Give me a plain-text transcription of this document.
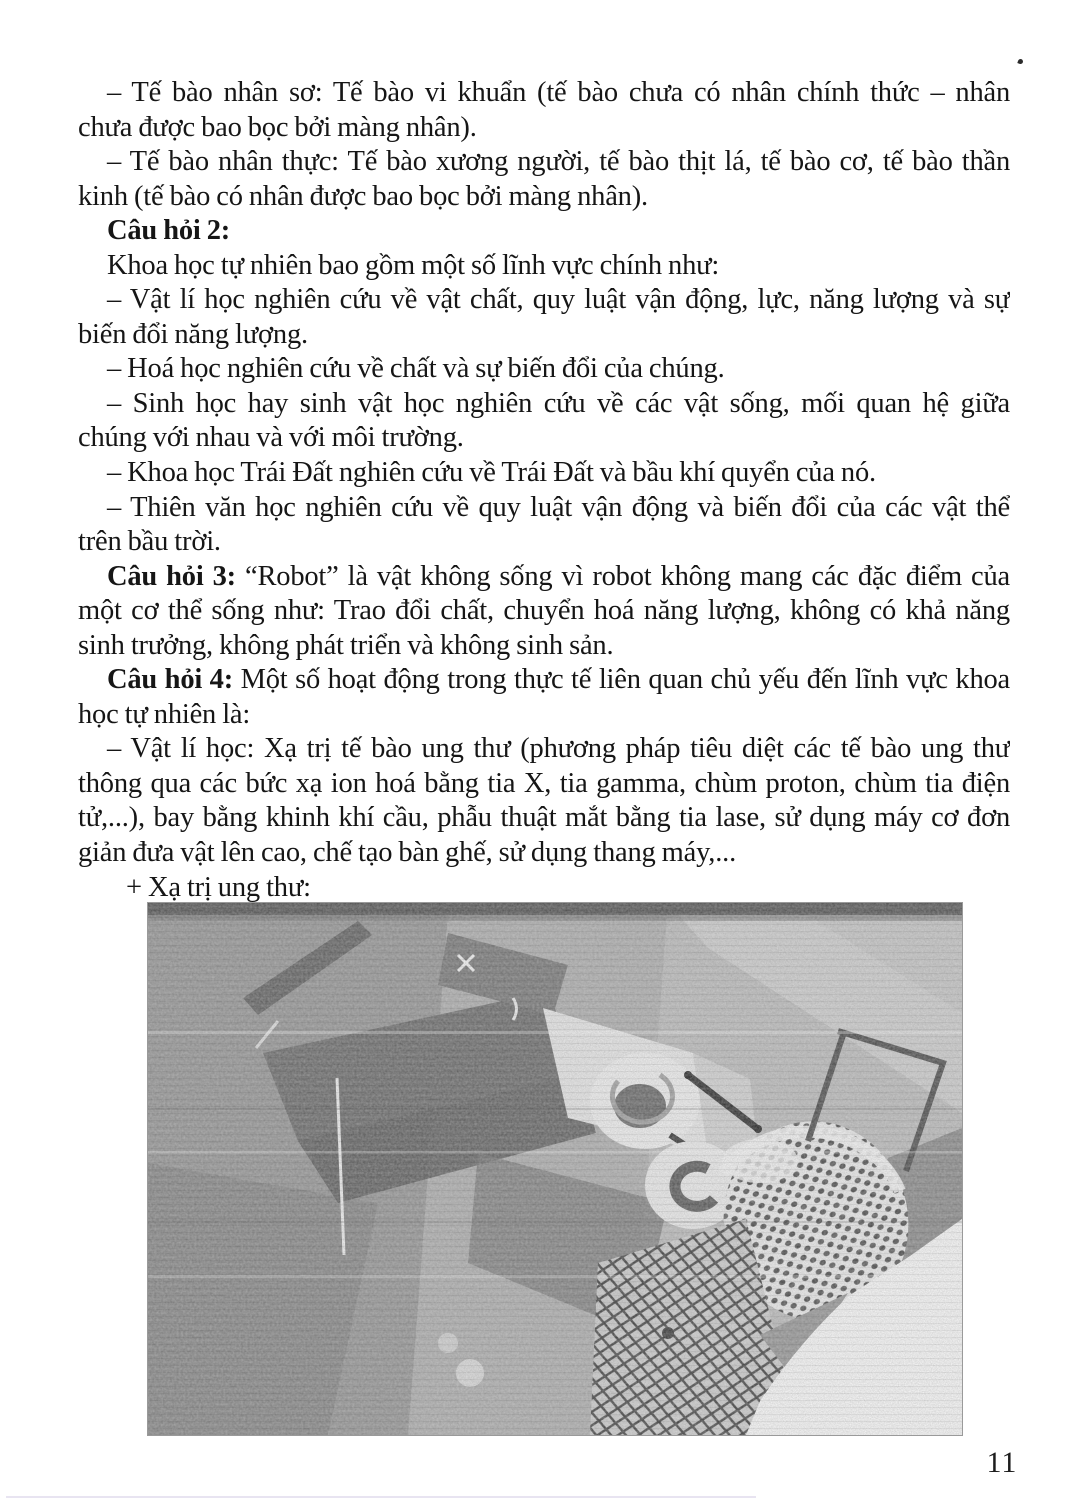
– Tế bào nhân sơ: Tế bào vi khuẩn (tế bào chưa có nhân chính thức – nhân
chưa được bao bọc bởi màng nhân).
– Tế bào nhân thực: Tế bào xương người, tế bào thịt lá, tế bào cơ, tế bào thần
kinh (tế bào có nhân được bao bọc bởi màng nhân).
Câu hỏi 2:
Khoa học tự nhiên bao gồm một số lĩnh vực chính như:
– Vật lí học nghiên cứu về vật chất, quy luật vận động, lực, năng lượng và sự
biến đổi năng lượng.
– Hoá học nghiên cứu về chất và sự biến đổi của chúng.
– Sinh học hay sinh vật học nghiên cứu về các vật sống, mối quan hệ giữa
chúng với nhau và với môi trường.
– Khoa học Trái Đất nghiên cứu về Trái Đất và bầu khí quyển của nó.
– Thiên văn học nghiên cứu về quy luật vận động và biến đổi của các vật thể
trên bầu trời.
Câu hỏi 3: “Robot” là vật không sống vì robot không mang các đặc điểm của
một cơ thể sống như: Trao đổi chất, chuyển hoá năng lượng, không có khả năng
sinh trưởng, không phát triển và không sinh sản.
Câu hỏi 4: Một số hoạt động trong thực tế liên quan chủ yếu đến lĩnh vực khoa
học tự nhiên là:
– Vật lí học: Xạ trị tế bào ung thư (phương pháp tiêu diệt các tế bào ung thư
thông qua các bức xạ ion hoá bằng tia X, tia gamma, chùm proton, chùm tia điện
tử,...), bay bằng khinh khí cầu, phẫu thuật mắt bằng tia lase, sử dụng máy cơ đơn
giản đưa vật lên cao, chế tạo bàn ghế, sử dụng thang máy,...
+ Xạ trị ung thư:
11
